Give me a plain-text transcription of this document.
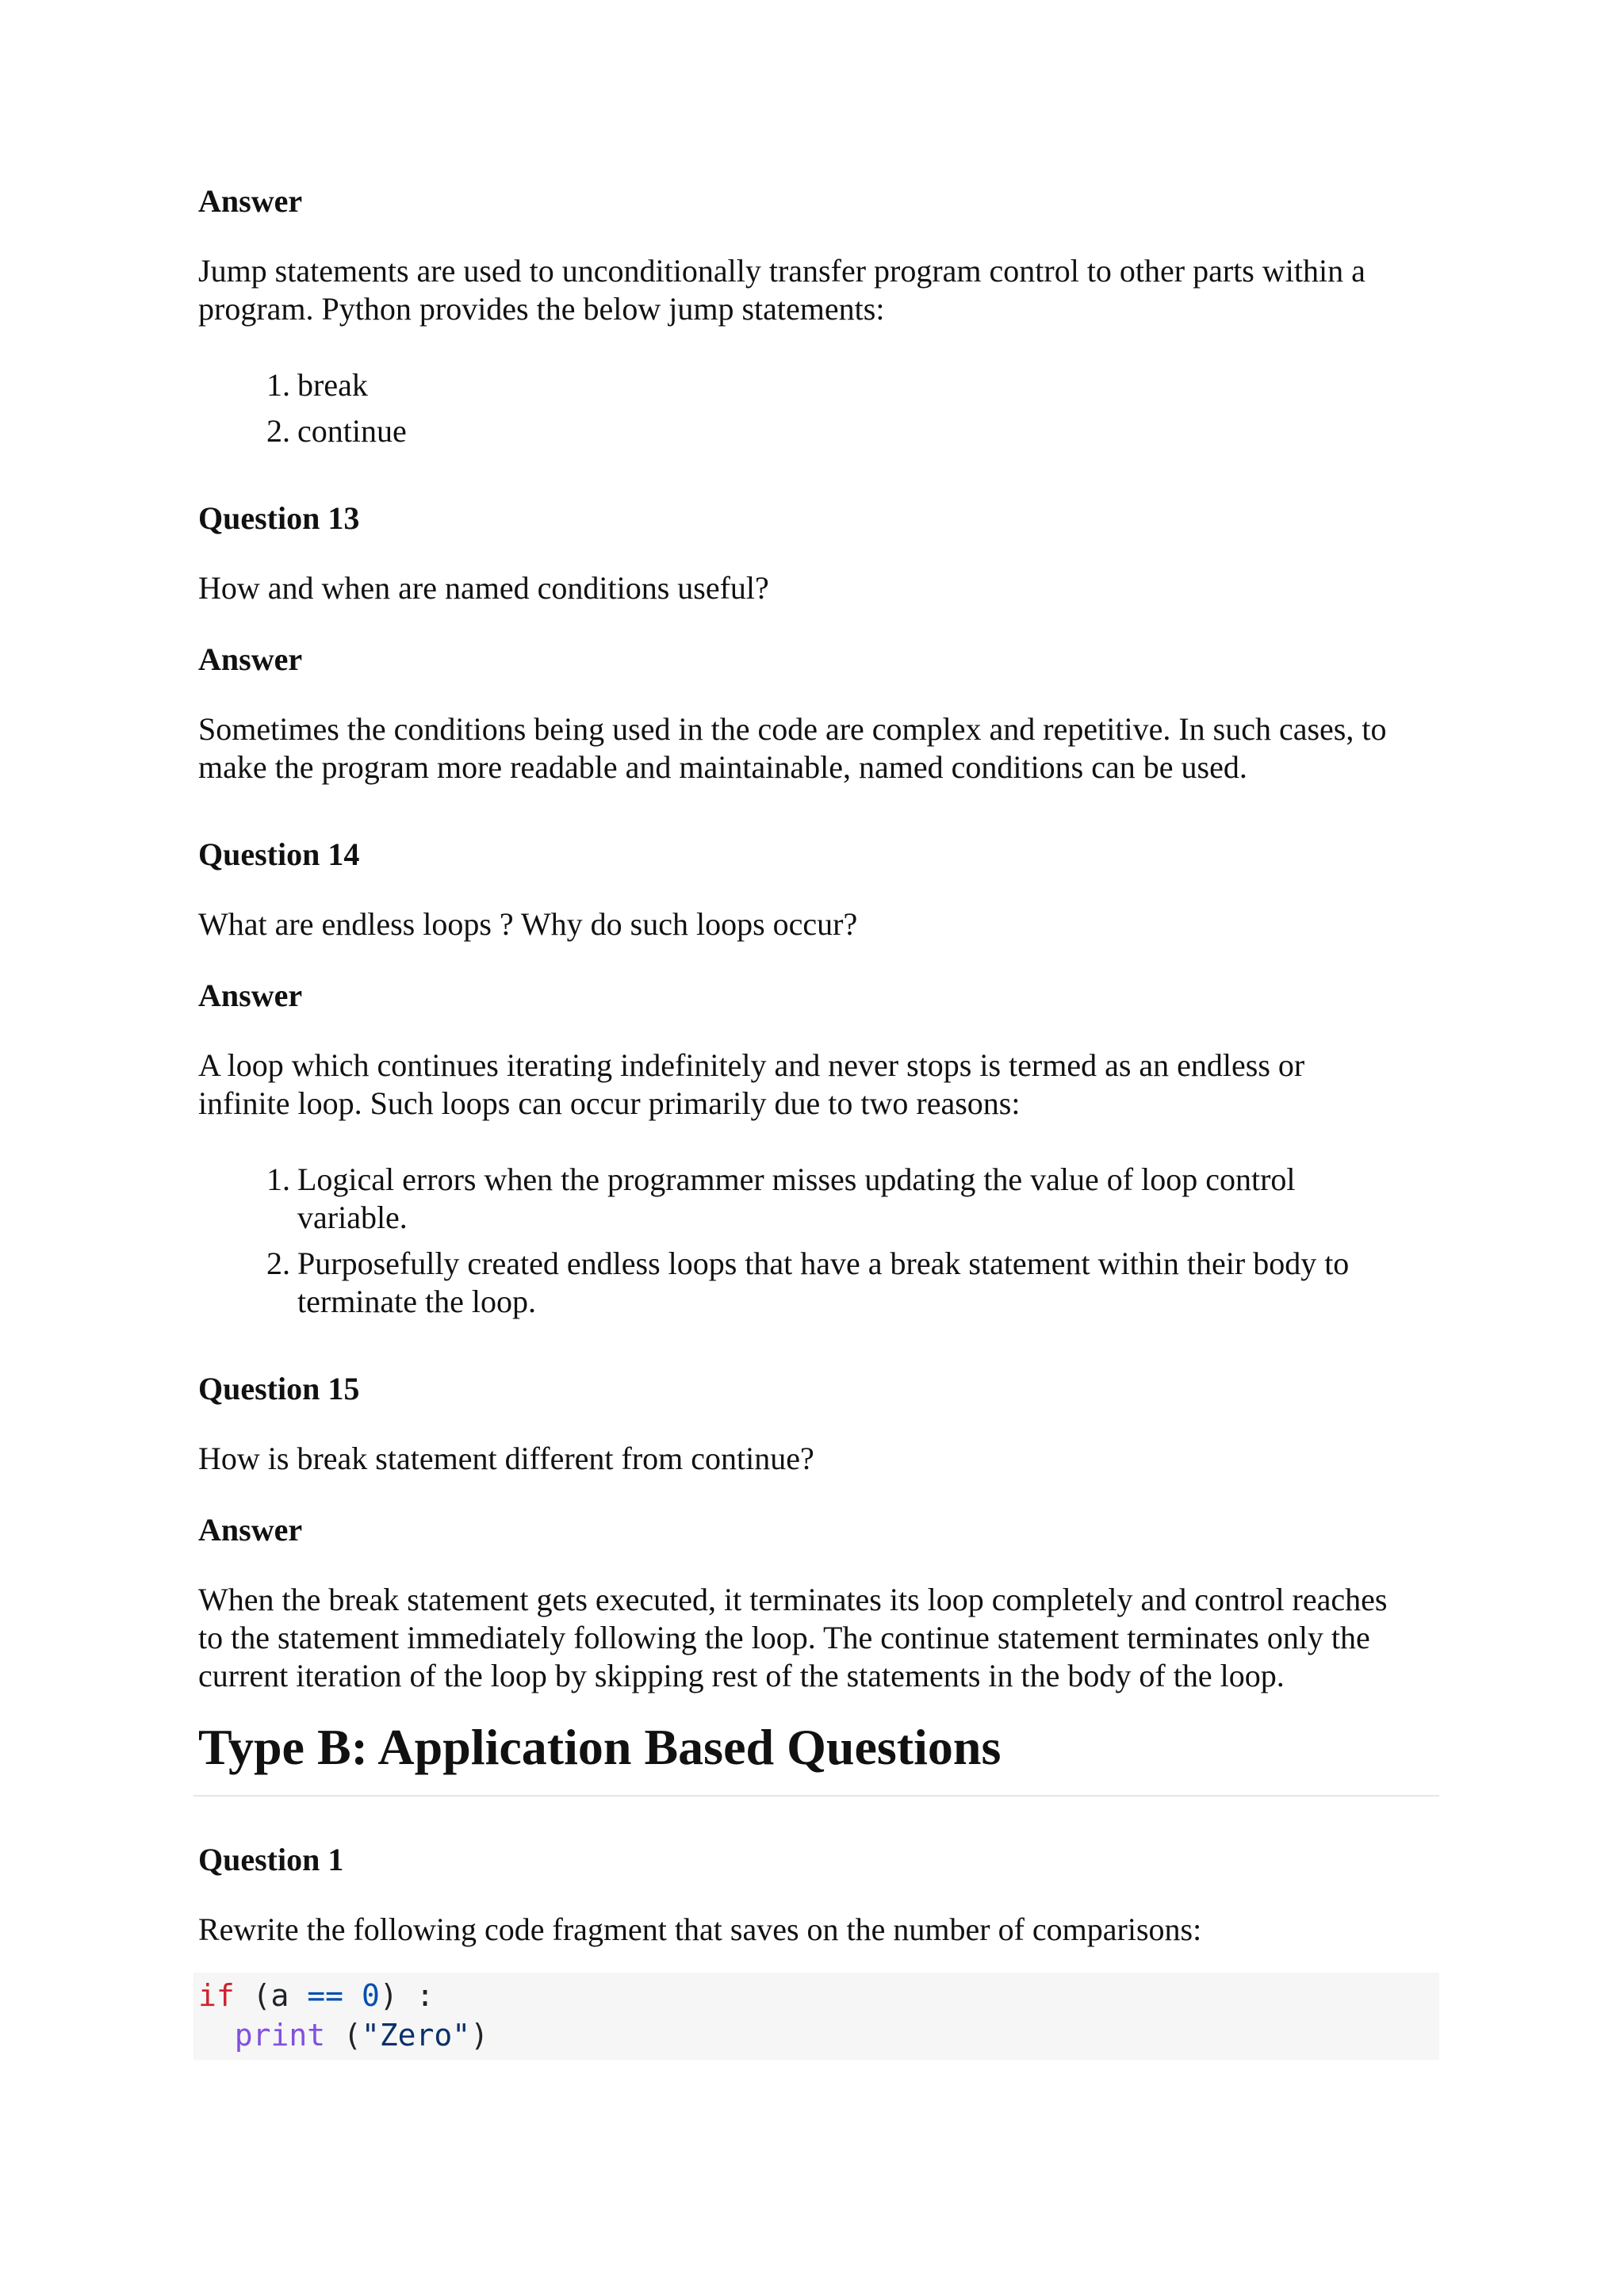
Answer

Jump statements are used to unconditionally transfer program control to other parts within a
program. Python provides the below jump statements:

1. break
2. continue

Question 13

How and when are named conditions useful?

Answer

Sometimes the conditions being used in the code are complex and repetitive. In such cases, to
make the program more readable and maintainable, named conditions can be used.

Question 14

What are endless loops ? Why do such loops occur?

Answer

A loop which continues iterating indefinitely and never stops is termed as an endless or
infinite loop. Such loops can occur primarily due to two reasons:

1. Logical errors when the programmer misses updating the value of loop control
variable.
2. Purposefully created endless loops that have a break statement within their body to
terminate the loop.

Question 15

How is break statement different from continue?

Answer

When the break statement gets executed, it terminates its loop completely and control reaches
to the statement immediately following the loop. The continue statement terminates only the
current iteration of the loop by skipping rest of the statements in the body of the loop.

Type B: Application Based Questions

Question 1

Rewrite the following code fragment that saves on the number of comparisons:

if (a == 0) :
print ("Zero")
